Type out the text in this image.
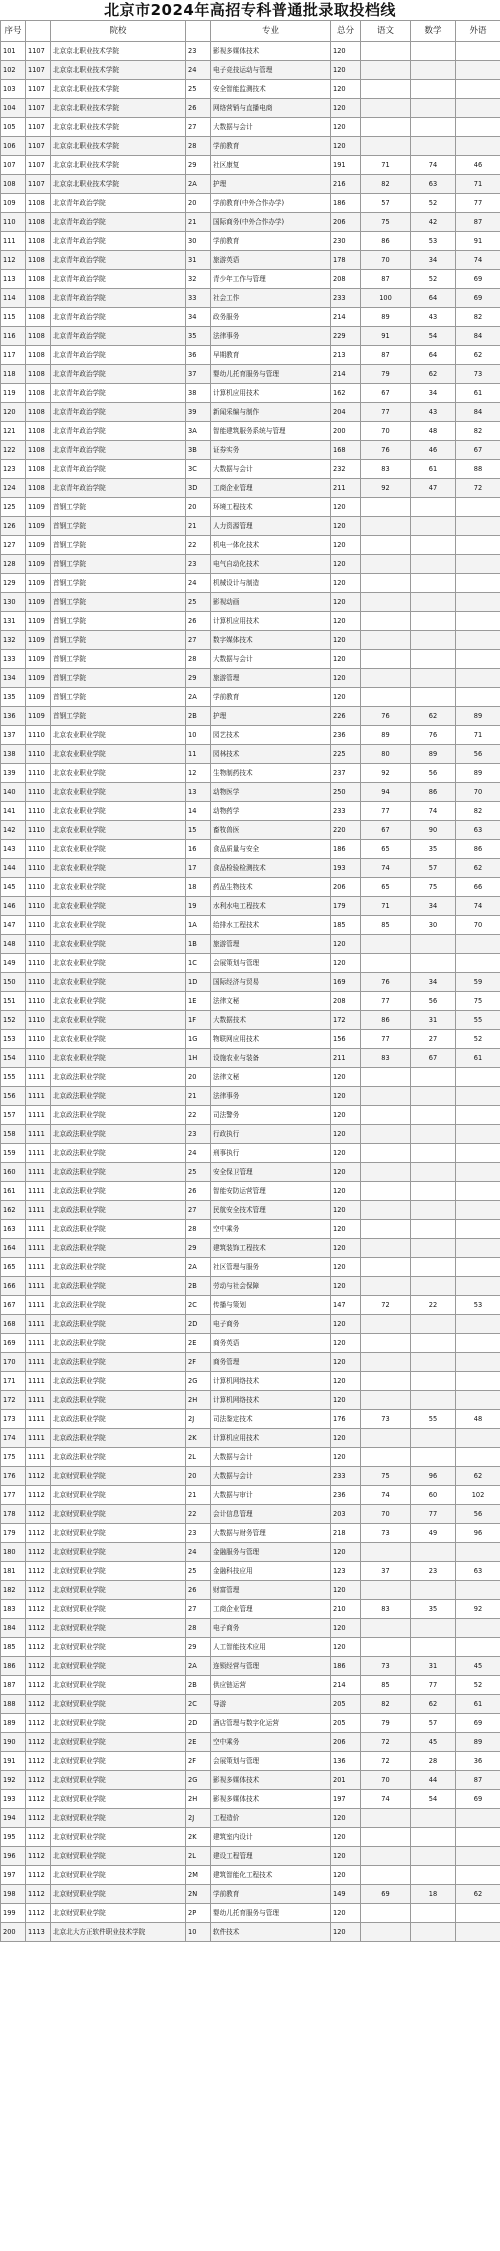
北京市2024年高招专科普通批录取投档线
序号		院校		专业	总分	语文	数学	外语
101	1107	北京京北职业技术学院	23	影视多媒体技术	120			
102	1107	北京京北职业技术学院	24	电子竞技运动与管理	120			
103	1107	北京京北职业技术学院	25	安全智能监测技术	120			
104	1107	北京京北职业技术学院	26	网络营销与直播电商	120			
105	1107	北京京北职业技术学院	27	大数据与会计	120			
106	1107	北京京北职业技术学院	28	学前教育	120			
107	1107	北京京北职业技术学院	29	社区康复	191	71	74	46
108	1107	北京京北职业技术学院	2A	护理	216	82	63	71
109	1108	北京青年政治学院	20	学前教育(中外合作办学)	186	57	52	77
110	1108	北京青年政治学院	21	国际商务(中外合作办学)	206	75	42	87
111	1108	北京青年政治学院	30	学前教育	230	86	53	91
112	1108	北京青年政治学院	31	旅游英语	178	70	34	74
113	1108	北京青年政治学院	32	青少年工作与管理	208	87	52	69
114	1108	北京青年政治学院	33	社会工作	233	100	64	69
115	1108	北京青年政治学院	34	政务服务	214	89	43	82
116	1108	北京青年政治学院	35	法律事务	229	91	54	84
117	1108	北京青年政治学院	36	早期教育	213	87	64	62
118	1108	北京青年政治学院	37	婴幼儿托育服务与管理	214	79	62	73
119	1108	北京青年政治学院	38	计算机应用技术	162	67	34	61
120	1108	北京青年政治学院	39	新闻采编与制作	204	77	43	84
121	1108	北京青年政治学院	3A	智能建筑服务系统与管理	200	70	48	82
122	1108	北京青年政治学院	3B	证券实务	168	76	46	67
123	1108	北京青年政治学院	3C	大数据与会计	232	83	61	88
124	1108	北京青年政治学院	3D	工商企业管理	211	92	47	72
125	1109	首钢工学院	20	环境工程技术	120			
126	1109	首钢工学院	21	人力资源管理	120			
127	1109	首钢工学院	22	机电一体化技术	120			
128	1109	首钢工学院	23	电气自动化技术	120			
129	1109	首钢工学院	24	机械设计与制造	120			
130	1109	首钢工学院	25	影视动画	120			
131	1109	首钢工学院	26	计算机应用技术	120			
132	1109	首钢工学院	27	数字媒体技术	120			
133	1109	首钢工学院	28	大数据与会计	120			
134	1109	首钢工学院	29	旅游管理	120			
135	1109	首钢工学院	2A	学前教育	120			
136	1109	首钢工学院	2B	护理	226	76	62	89
137	1110	北京农业职业学院	10	园艺技术	236	89	76	71
138	1110	北京农业职业学院	11	园林技术	225	80	89	56
139	1110	北京农业职业学院	12	生物制药技术	237	92	56	89
140	1110	北京农业职业学院	13	动物医学	250	94	86	70
141	1110	北京农业职业学院	14	动物药学	233	77	74	82
142	1110	北京农业职业学院	15	畜牧兽医	220	67	90	63
143	1110	北京农业职业学院	16	食品质量与安全	186	65	35	86
144	1110	北京农业职业学院	17	食品检验检测技术	193	74	57	62
145	1110	北京农业职业学院	18	药品生物技术	206	65	75	66
146	1110	北京农业职业学院	19	水利水电工程技术	179	71	34	74
147	1110	北京农业职业学院	1A	给排水工程技术	185	85	30	70
148	1110	北京农业职业学院	1B	旅游管理	120			
149	1110	北京农业职业学院	1C	会展策划与管理	120			
150	1110	北京农业职业学院	1D	国际经济与贸易	169	76	34	59
151	1110	北京农业职业学院	1E	法律文秘	208	77	56	75
152	1110	北京农业职业学院	1F	大数据技术	172	86	31	55
153	1110	北京农业职业学院	1G	物联网应用技术	156	77	27	52
154	1110	北京农业职业学院	1H	设施农业与装备	211	83	67	61
155	1111	北京政法职业学院	20	法律文秘	120			
156	1111	北京政法职业学院	21	法律事务	120			
157	1111	北京政法职业学院	22	司法警务	120			
158	1111	北京政法职业学院	23	行政执行	120			
159	1111	北京政法职业学院	24	刑事执行	120			
160	1111	北京政法职业学院	25	安全保卫管理	120			
161	1111	北京政法职业学院	26	智能安防运营管理	120			
162	1111	北京政法职业学院	27	民航安全技术管理	120			
163	1111	北京政法职业学院	28	空中乘务	120			
164	1111	北京政法职业学院	29	建筑装饰工程技术	120			
165	1111	北京政法职业学院	2A	社区管理与服务	120			
166	1111	北京政法职业学院	2B	劳动与社会保障	120			
167	1111	北京政法职业学院	2C	传播与策划	147	72	22	53
168	1111	北京政法职业学院	2D	电子商务	120			
169	1111	北京政法职业学院	2E	商务英语	120			
170	1111	北京政法职业学院	2F	商务管理	120			
171	1111	北京政法职业学院	2G	计算机网络技术	120			
172	1111	北京政法职业学院	2H	计算机网络技术	120			
173	1111	北京政法职业学院	2J	司法鉴定技术	176	73	55	48
174	1111	北京政法职业学院	2K	计算机应用技术	120			
175	1111	北京政法职业学院	2L	大数据与会计	120			
176	1112	北京财贸职业学院	20	大数据与会计	233	75	96	62
177	1112	北京财贸职业学院	21	大数据与审计	236	74	60	102
178	1112	北京财贸职业学院	22	会计信息管理	203	70	77	56
179	1112	北京财贸职业学院	23	大数据与财务管理	218	73	49	96
180	1112	北京财贸职业学院	24	金融服务与管理	120			
181	1112	北京财贸职业学院	25	金融科技应用	123	37	23	63
182	1112	北京财贸职业学院	26	财富管理	120			
183	1112	北京财贸职业学院	27	工商企业管理	210	83	35	92
184	1112	北京财贸职业学院	28	电子商务	120			
185	1112	北京财贸职业学院	29	人工智能技术应用	120			
186	1112	北京财贸职业学院	2A	连锁经营与管理	186	73	31	45
187	1112	北京财贸职业学院	2B	供应链运营	214	85	77	52
188	1112	北京财贸职业学院	2C	导游	205	82	62	61
189	1112	北京财贸职业学院	2D	酒店管理与数字化运营	205	79	57	69
190	1112	北京财贸职业学院	2E	空中乘务	206	72	45	89
191	1112	北京财贸职业学院	2F	会展策划与管理	136	72	28	36
192	1112	北京财贸职业学院	2G	影视多媒体技术	201	70	44	87
193	1112	北京财贸职业学院	2H	影视多媒体技术	197	74	54	69
194	1112	北京财贸职业学院	2J	工程造价	120			
195	1112	北京财贸职业学院	2K	建筑室内设计	120			
196	1112	北京财贸职业学院	2L	建设工程管理	120			
197	1112	北京财贸职业学院	2M	建筑智能化工程技术	120			
198	1112	北京财贸职业学院	2N	学前教育	149	69	18	62
199	1112	北京财贸职业学院	2P	婴幼儿托育服务与管理	120			
200	1113	北京北大方正软件职业技术学院	10	软件技术	120			
